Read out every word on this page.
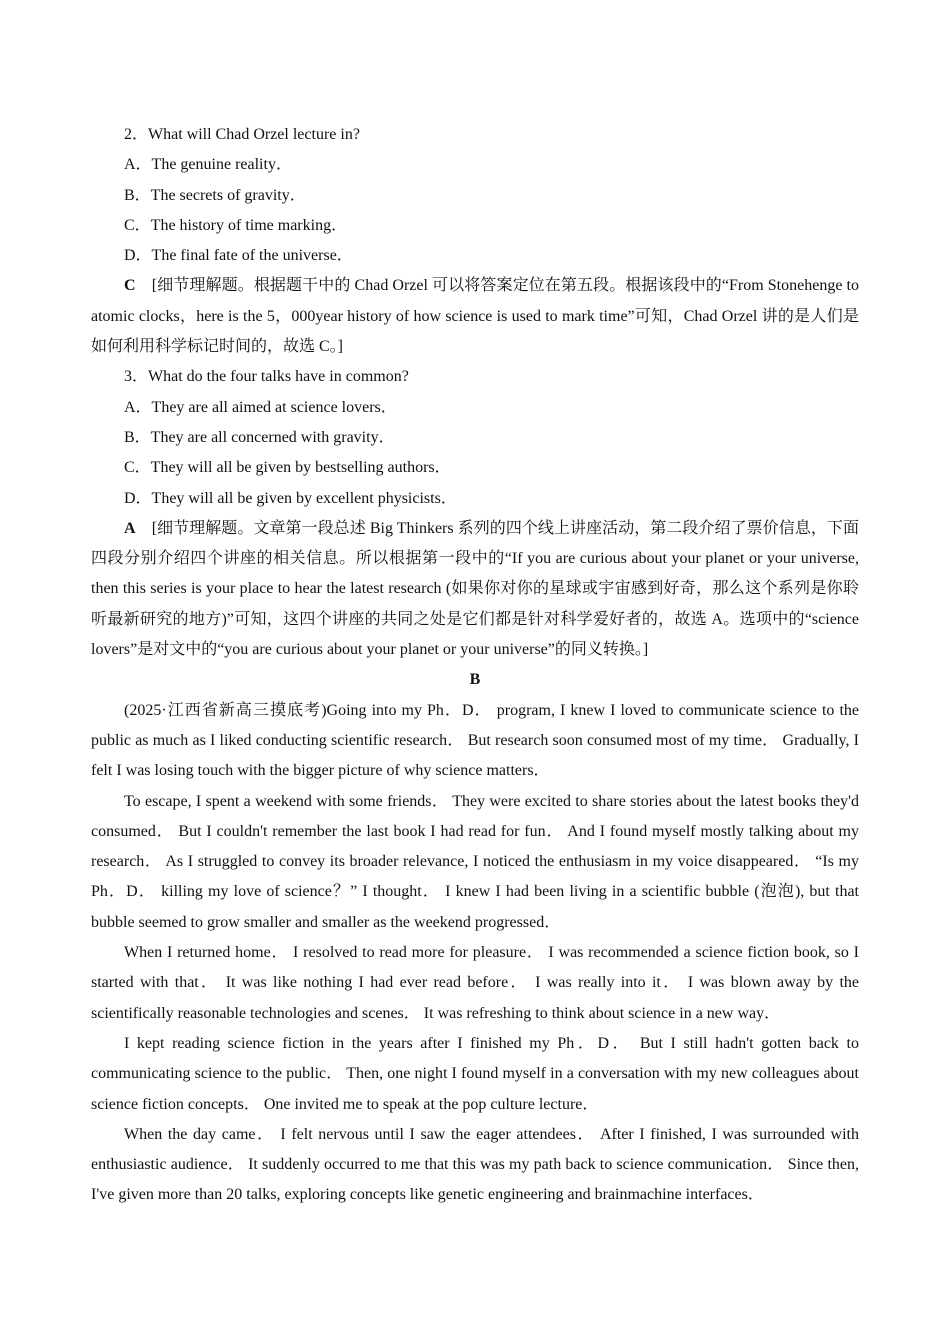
2．What will Chad Orzel lecture in?

A．The genuine reality．

B．The secrets of gravity．

C．The history of time marking．

D．The final fate of the universe．

C　 [细节理解题。根据题干中的 Chad Orzel 可以将答案定位在第五段。根据该段中的“From Stonehenge to atomic clocks，here is the 5，000year history of how science is used to mark time”可知，Chad Orzel 讲的是人们是如何利用科学标记时间的，故选 C。]

3．What do the four talks have in common?

A．They are all aimed at science lovers．

B．They are all concerned with gravity．

C．They will all be given by bestselling authors．

D．They will all be given by excellent physicists．

A　 [细节理解题。文章第一段总述 Big Thinkers 系列的四个线上讲座活动，第二段介绍了票价信息，下面四段分别介绍四个讲座的相关信息。所以根据第一段中的“If you are curious about your planet or your universe, then this series is your place to hear the latest research (如果你对你的星球或宇宙感到好奇，那么这个系列是你聆听最新研究的地方)”可知，这四个讲座的共同之处是它们都是针对科学爱好者的，故选 A。选项中的“science lovers”是对文中的“you are curious about your planet or your universe”的同义转换。]

B

(2025·江西省新高三摸底考)Going into my Ph．D． program, I knew I loved to communicate science to the public as much as I liked conducting scientific research． But research soon consumed most of my time． Gradually, I felt I was losing touch with the bigger picture of why science matters．

To escape, I spent a weekend with some friends． They were excited to share stories about the latest books they'd consumed． But I couldn't remember the last book I had read for fun． And I found myself mostly talking about my research． As I struggled to convey its broader relevance, I noticed the enthusiasm in my voice disappeared． “Is my Ph．D． killing my love of science？” I thought． I knew I had been living in a scientific bubble (泡泡), but that bubble seemed to grow smaller and smaller as the weekend progressed．

When I returned home． I resolved to read more for pleasure． I was recommended a science fiction book, so I started with that． It was like nothing I had ever read before． I was really into it． I was blown away by the scientifically reasonable technologies and scenes． It was refreshing to think about science in a new way．

I kept reading science fiction in the years after I finished my Ph．D． But I still hadn't gotten back to communicating science to the public． Then, one night I found myself in a conversation with my new colleagues about science fiction concepts． One invited me to speak at the pop culture lecture．

When the day came． I felt nervous until I saw the eager attendees． After I finished, I was surrounded with enthusiastic audience． It suddenly occurred to me that this was my path back to science communication． Since then, I've given more than 20 talks, exploring concepts like genetic engineering and brainmachine interfaces．
